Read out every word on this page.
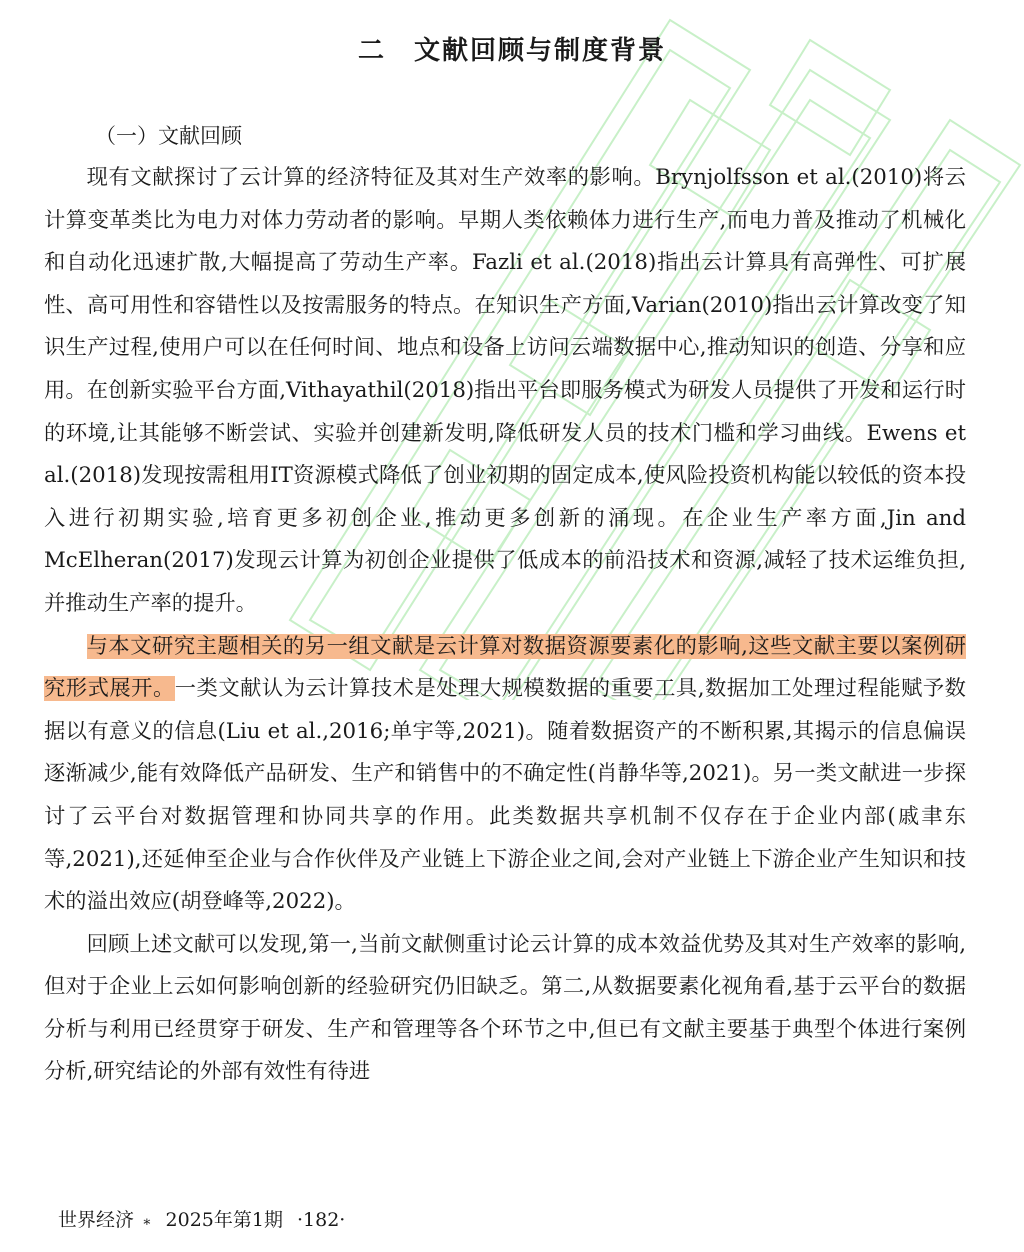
二　文献回顾与制度背景
（一）文献回顾

现有文献探讨了云计算的经济特征及其对生产效率的影响。Brynjolfsson et al.(2010)将云计算变革类比为电力对体力劳动者的影响。早期人类依赖体力进行生产,而电力普及推动了机械化和自动化迅速扩散,大幅提高了劳动生产率。Fazli et al.(2018)指出云计算具有高弹性、可扩展性、高可用性和容错性以及按需服务的特点。在知识生产方面,Varian(2010)指出云计算改变了知识生产过程,使用户可以在任何时间、地点和设备上访问云端数据中心,推动知识的创造、分享和应用。在创新实验平台方面,Vithayathil(2018)指出平台即服务模式为研发人员提供了开发和运行时的环境,让其能够不断尝试、实验并创建新发明,降低研发人员的技术门槛和学习曲线。Ewens et al.(2018)发现按需租用IT资源模式降低了创业初期的固定成本,使风险投资机构能以较低的资本投入进行初期实验,培育更多初创企业,推动更多创新的涌现。在企业生产率方面,Jin and McElheran(2017)发现云计算为初创企业提供了低成本的前沿技术和资源,减轻了技术运维负担,并推动生产率的提升。

与本文研究主题相关的另一组文献是云计算对数据资源要素化的影响,这些文献主要以案例研究形式展开。一类文献认为云计算技术是处理大规模数据的重要工具,数据加工处理过程能赋予数据以有意义的信息(Liu et al.,2016;单宇等,2021)。随着数据资产的不断积累,其揭示的信息偏误逐渐减少,能有效降低产品研发、生产和销售中的不确定性(肖静华等,2021)。另一类文献进一步探讨了云平台对数据管理和协同共享的作用。此类数据共享机制不仅存在于企业内部(戚聿东等,2021),还延伸至企业与合作伙伴及产业链上下游企业之间,会对产业链上下游企业产生知识和技术的溢出效应(胡登峰等,2022)。

回顾上述文献可以发现,第一,当前文献侧重讨论云计算的成本效益优势及其对生产效率的影响,但对于企业上云如何影响创新的经验研究仍旧缺乏。第二,从数据要素化视角看,基于云平台的数据分析与利用已经贯穿于研发、生产和管理等各个环节之中,但已有文献主要基于典型个体进行案例分析,研究结论的外部有效性有待进

世界经济 ∗ 2025年第1期 ·182·
